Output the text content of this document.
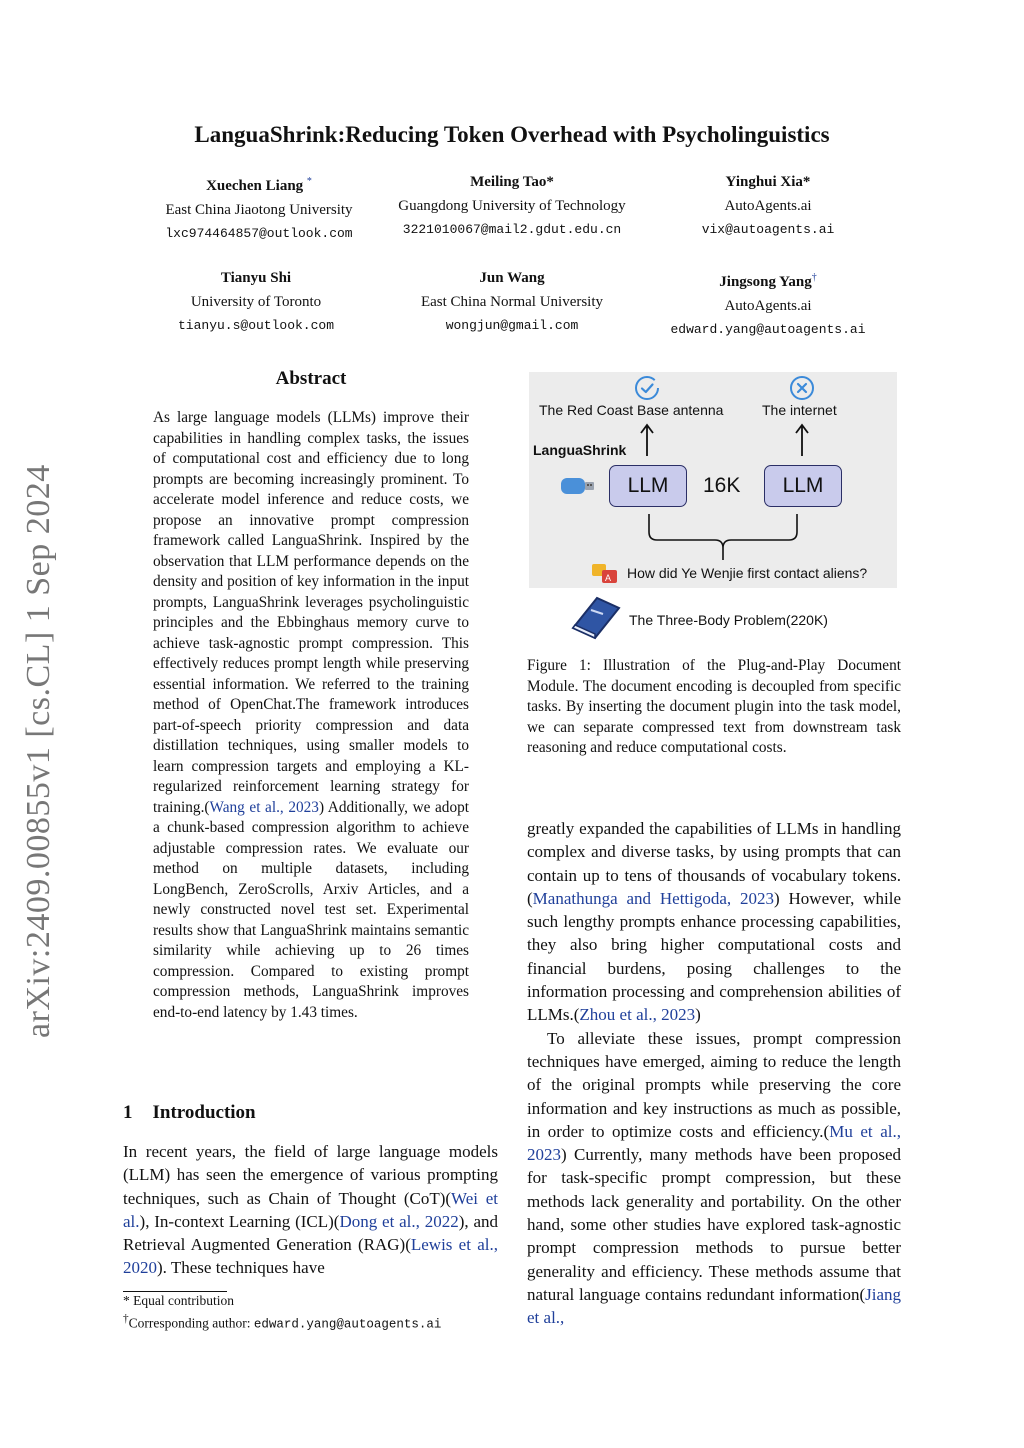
LanguaShrink:Reducing Token Overhead with Psycholinguistics
Xuechen Liang *
East China Jiaotong University
lxc974464857@outlook.com
Meiling Tao*
Guangdong University of Technology
3221010067@mail2.gdut.edu.cn
Yinghui Xia*
AutoAgents.ai
vix@autoagents.ai
Tianyu Shi
University of Toronto
tianyu.s@outlook.com
Jun Wang
East China Normal University
wongjun@gmail.com
Jingsong Yang†
AutoAgents.ai
edward.yang@autoagents.ai
arXiv:2409.00855v1 [cs.CL] 1 Sep 2024
Abstract
As large language models (LLMs) improve their capabilities in handling complex tasks, the issues of computational cost and efficiency due to long prompts are becoming increasingly prominent. To accelerate model inference and reduce costs, we propose an innovative prompt compression framework called LanguaShrink. Inspired by the observation that LLM performance depends on the density and position of key information in the input prompts, LanguaShrink leverages psycholinguistic principles and the Ebbinghaus memory curve to achieve task-agnostic prompt compression. This effectively reduces prompt length while preserving essential information. We referred to the training method of OpenChat.The framework introduces part-of-speech priority compression and data distillation techniques, using smaller models to learn compression targets and employing a KL-regularized reinforcement learning strategy for training.(Wang et al., 2023) Additionally, we adopt a chunk-based compression algorithm to achieve adjustable compression rates. We evaluate our method on multiple datasets, including LongBench, ZeroScrolls, Arxiv Articles, and a newly constructed novel test set. Experimental results show that LanguaShrink maintains semantic similarity while achieving up to 26 times compression. Compared to existing prompt compression methods, LanguaShrink improves end-to-end latency by 1.43 times.
1 Introduction
In recent years, the field of large language models (LLM) has seen the emergence of various prompting techniques, such as Chain of Thought (CoT)(Wei et al.), In-context Learning (ICL)(Dong et al., 2022), and Retrieval Augmented Generation (RAG)(Lewis et al., 2020). These techniques have
* Equal contribution
†Corresponding author: edward.yang@autoagents.ai
The Red Coast Base antenna	The internet
LanguaShrink
LLM	16K	LLM
A How did Ye Wenjie first contact aliens?
The Three-Body Problem(220K)
Figure 1: Illustration of the Plug-and-Play Document Module. The document encoding is decoupled from specific tasks. By inserting the document plugin into the task model, we can separate compressed text from downstream task reasoning and reduce computational costs.

greatly expanded the capabilities of LLMs in handling complex and diverse tasks, by using prompts that can contain up to tens of thousands of vocabulary tokens.(Manathunga and Hettigoda, 2023) However, while such lengthy prompts enhance processing capabilities, they also bring higher computational costs and financial burdens, posing challenges to the information processing and comprehension abilities of LLMs.(Zhou et al., 2023)

To alleviate these issues, prompt compression techniques have emerged, aiming to reduce the length of the original prompts while preserving the core information and key instructions as much as possible, in order to optimize costs and efficiency.(Mu et al., 2023) Currently, many methods have been proposed for task-specific prompt compression, but these methods lack generality and portability. On the other hand, some other studies have explored task-agnostic prompt compression methods to pursue better generality and efficiency. These methods assume that natural language contains redundant information(Jiang et al.,
